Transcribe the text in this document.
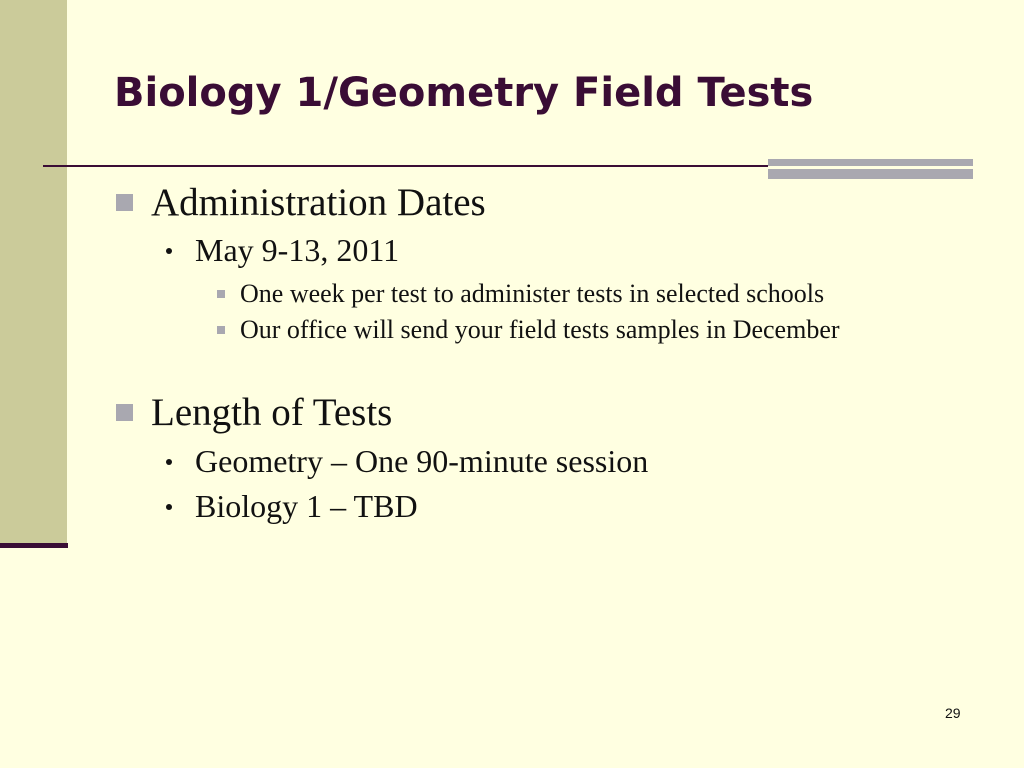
Biology 1/Geometry Field Tests
Administration Dates
May 9-13, 2011
One week per test to administer tests in selected schools
Our office will send your field tests samples in December
Length of Tests
Geometry – One 90-minute session
Biology 1 – TBD
29
